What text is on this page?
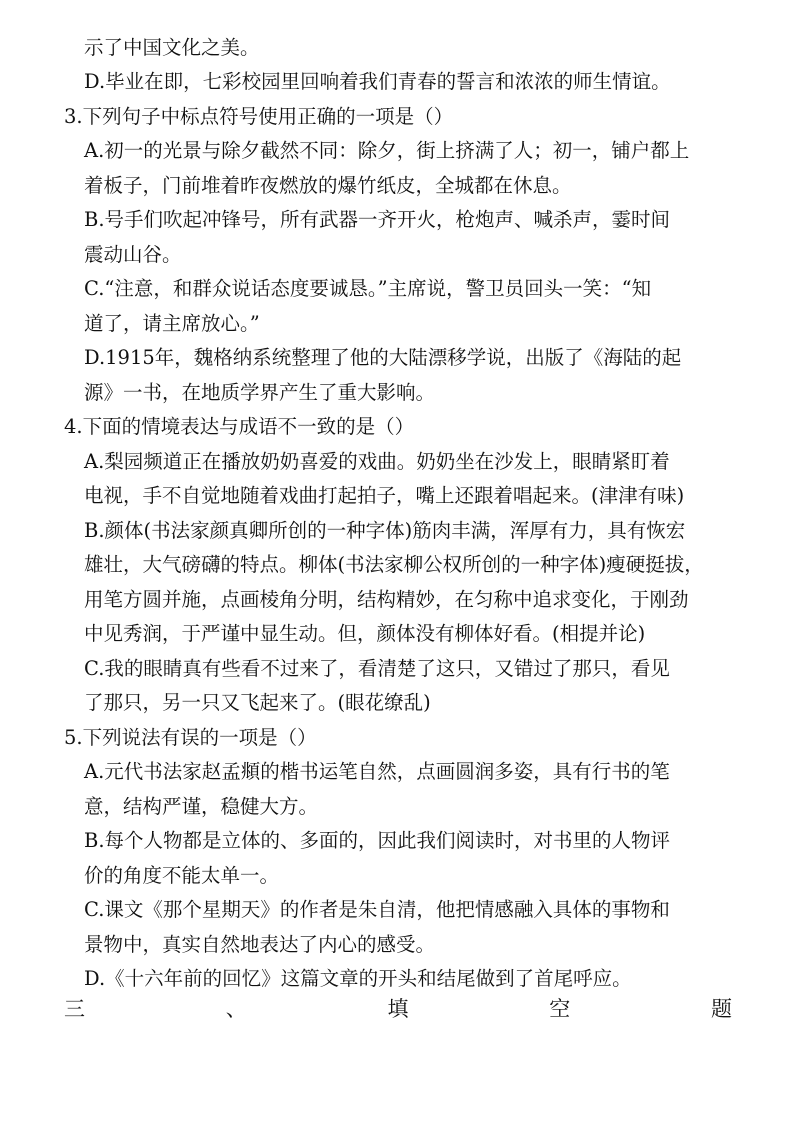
示了中国文化之美。
D.毕业在即，七彩校园里回响着我们青春的誓言和浓浓的师生情谊。
3.下列句子中标点符号使用正确的一项是（）
A.初一的光景与除夕截然不同：除夕，街上挤满了人；初一，铺户都上
着板子，门前堆着昨夜燃放的爆竹纸皮，全城都在休息。
B.号手们吹起冲锋号，所有武器一齐开火，枪炮声、喊杀声，霎时间
震动山谷。
C.“注意，和群众说话态度要诚恳。”主席说，警卫员回头一笑：“知
道了，请主席放心。”
D.1915年，魏格纳系统整理了他的大陆漂移学说，出版了《海陆的起
源》一书，在地质学界产生了重大影响。
4.下面的情境表达与成语不一致的是（）
A.梨园频道正在播放奶奶喜爱的戏曲。奶奶坐在沙发上，眼睛紧盯着
电视，手不自觉地随着戏曲打起拍子，嘴上还跟着唱起来。(津津有味)
B.颜体(书法家颜真卿所创的一种字体)筋肉丰满，浑厚有力，具有恢宏
雄壮，大气磅礴的特点。柳体(书法家柳公权所创的一种字体)瘦硬挺拔，
用笔方圆并施，点画棱角分明，结构精妙，在匀称中追求变化，于刚劲
中见秀润，于严谨中显生动。但，颜体没有柳体好看。(相提并论)
C.我的眼睛真有些看不过来了，看清楚了这只，又错过了那只，看见
了那只，另一只又飞起来了。(眼花缭乱)
5.下列说法有误的一项是（）
A.元代书法家赵孟頫的楷书运笔自然，点画圆润多姿，具有行书的笔
意，结构严谨，稳健大方。
B.每个人物都是立体的、多面的，因此我们阅读时，对书里的人物评
价的角度不能太单一。
C.课文《那个星期天》的作者是朱自清，他把情感融入具体的事物和
景物中，真实自然地表达了内心的感受。
D.《十六年前的回忆》这篇文章的开头和结尾做到了首尾呼应。
三	、	填	空	题
